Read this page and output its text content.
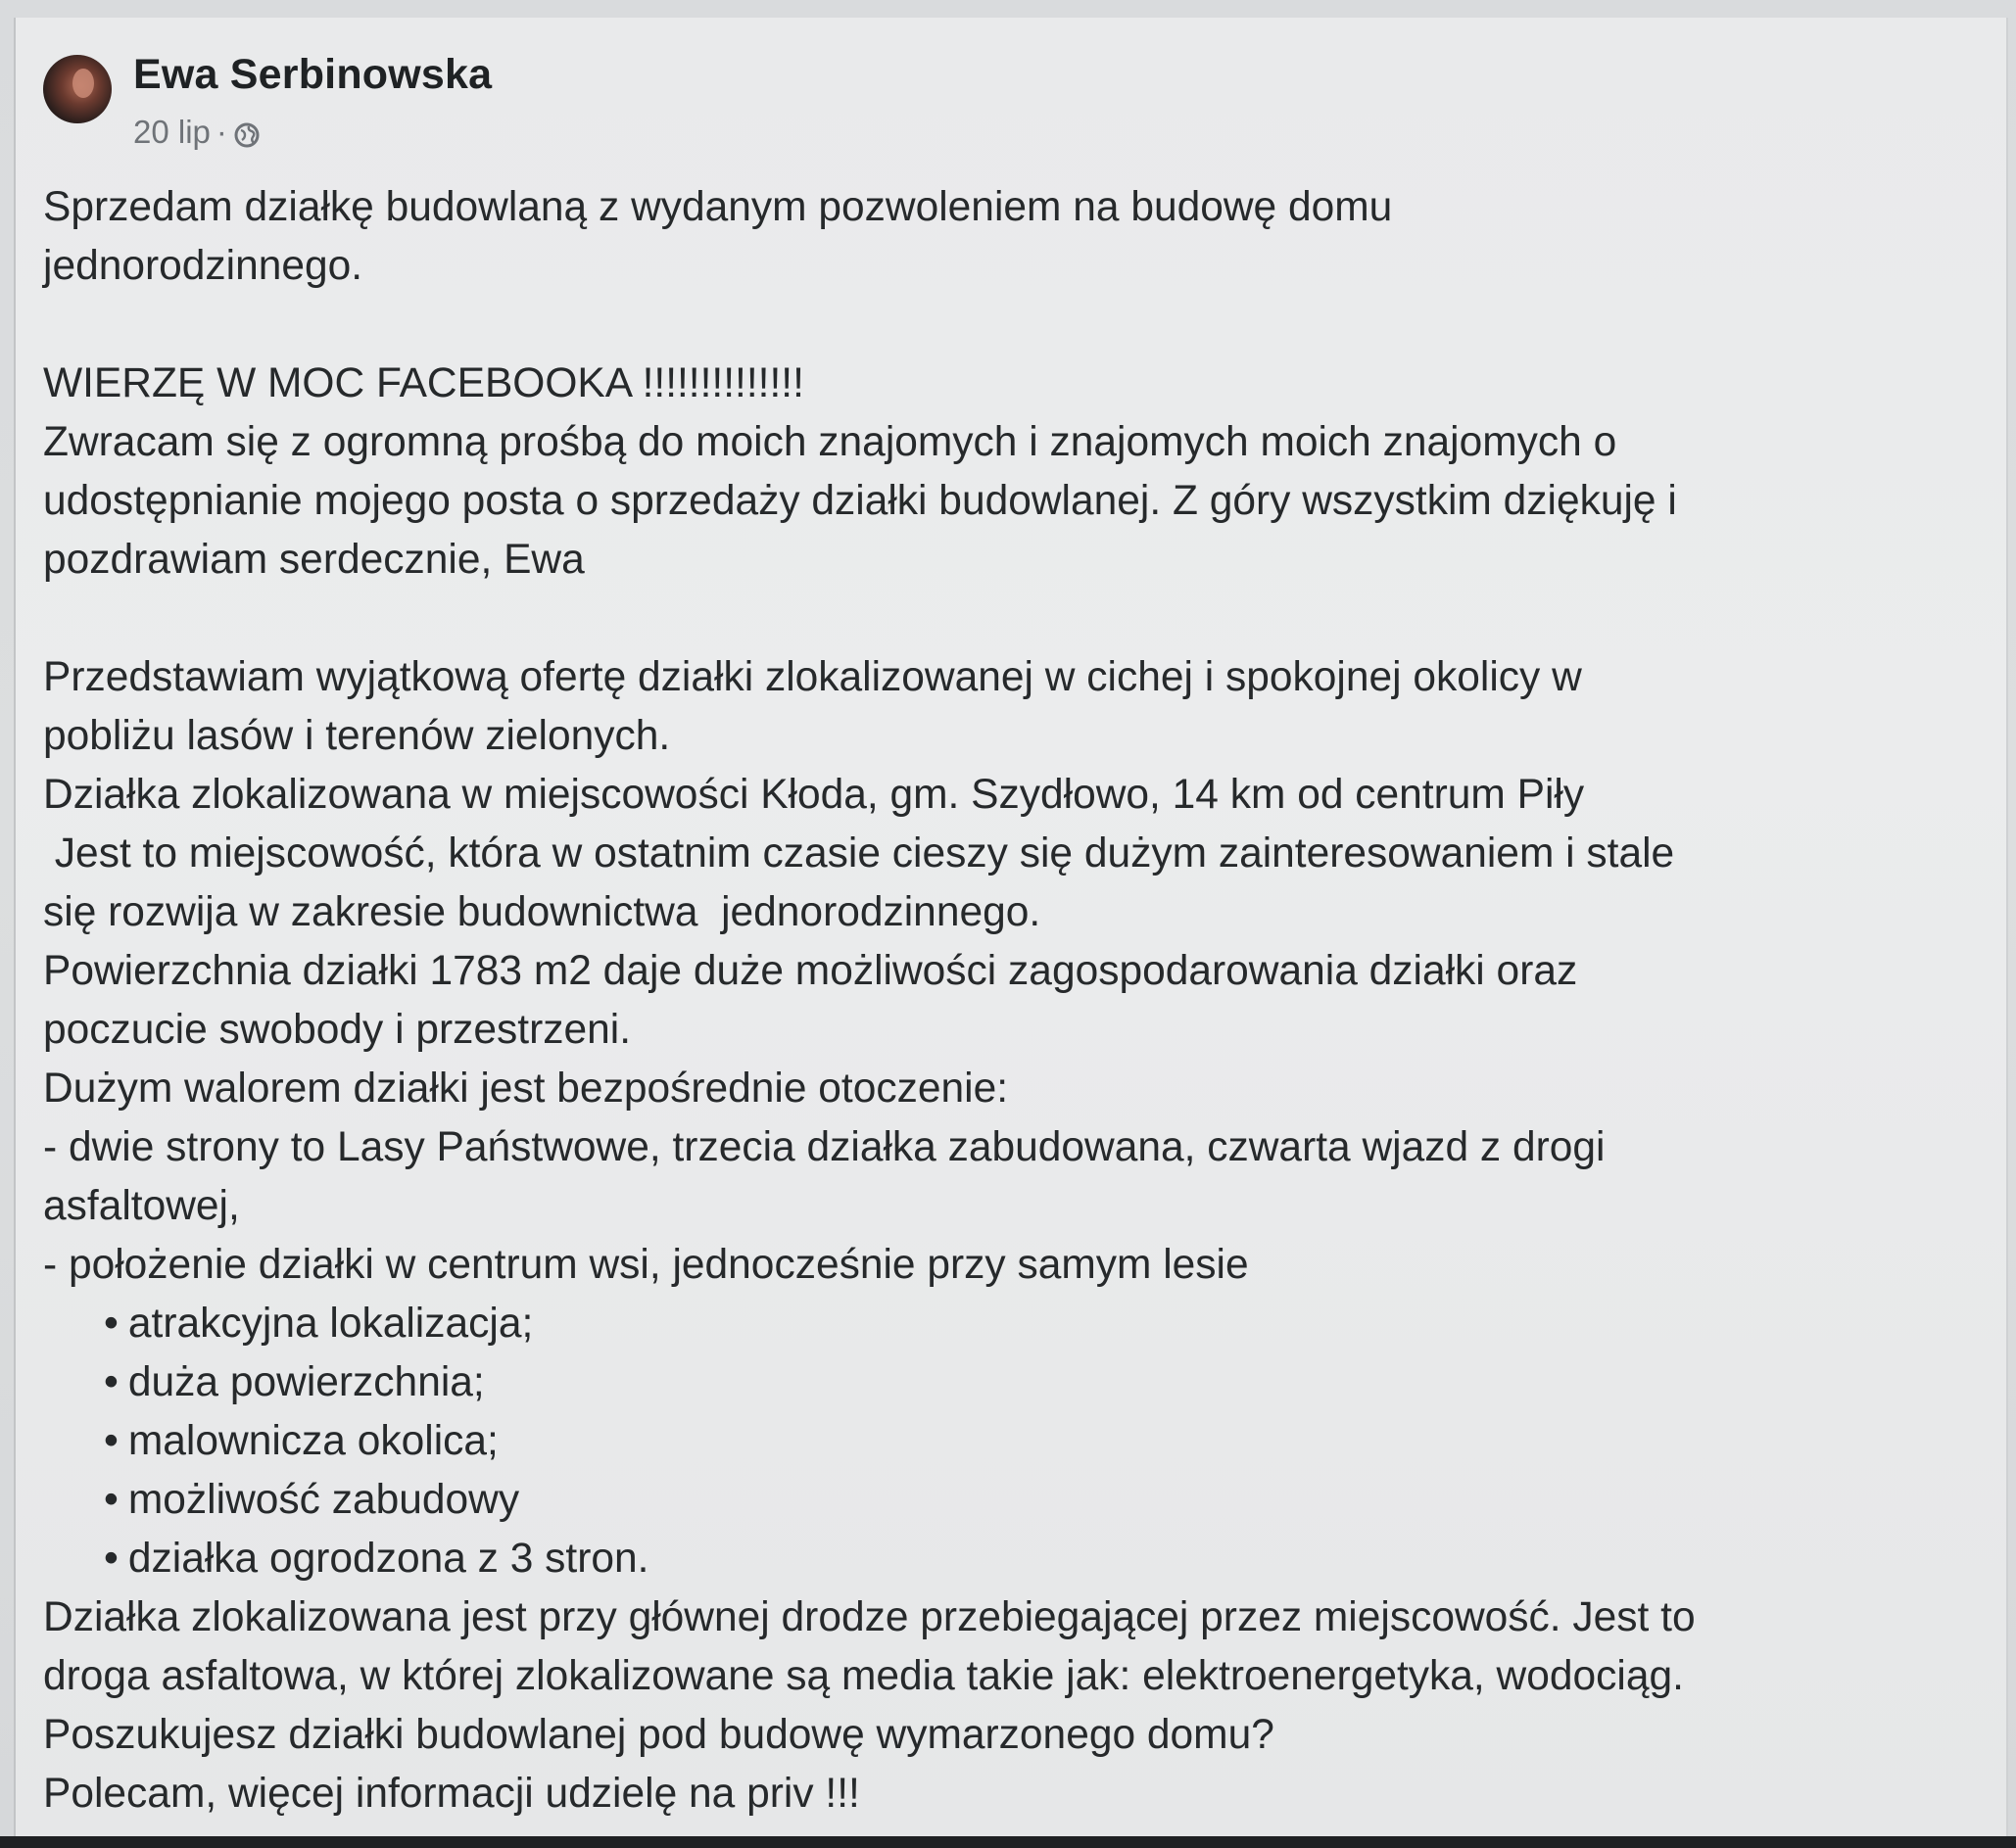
Ewa Serbinowska
20 lip ·
Sprzedam działkę budowlaną z wydanym pozwoleniem na budowę domu
jednorodzinnego.
WIERZĘ W MOC FACEBOOKA !!!!!!!!!!!!!!
Zwracam się z ogromną prośbą do moich znajomych i znajomych moich znajomych o
udostępnianie mojego posta o sprzedaży działki budowlanej. Z góry wszystkim dziękuję i
pozdrawiam serdecznie, Ewa
Przedstawiam wyjątkową ofertę działki zlokalizowanej w cichej i spokojnej okolicy w
pobliżu lasów i terenów zielonych.
Działka zlokalizowana w miejscowości Kłoda, gm. Szydłowo, 14 km od centrum Piły
Jest to miejscowość, która w ostatnim czasie cieszy się dużym zainteresowaniem i stale
się rozwija w zakresie budownictwa  jednorodzinnego.
Powierzchnia działki 1783 m2 daje duże możliwości zagospodarowania działki oraz
poczucie swobody i przestrzeni.
Dużym walorem działki jest bezpośrednie otoczenie:
- dwie strony to Lasy Państwowe, trzecia działka zabudowana, czwarta wjazd z drogi
asfaltowej,
- położenie działki w centrum wsi, jednocześnie przy samym lesie
• atrakcyjna lokalizacja;
• duża powierzchnia;
• malownicza okolica;
• możliwość zabudowy
• działka ogrodzona z 3 stron.
Działka zlokalizowana jest przy głównej drodze przebiegającej przez miejscowość. Jest to
droga asfaltowa, w której zlokalizowane są media takie jak: elektroenergetyka, wodociąg.
Poszukujesz działki budowlanej pod budowę wymarzonego domu?
Polecam, więcej informacji udzielę na priv !!!
